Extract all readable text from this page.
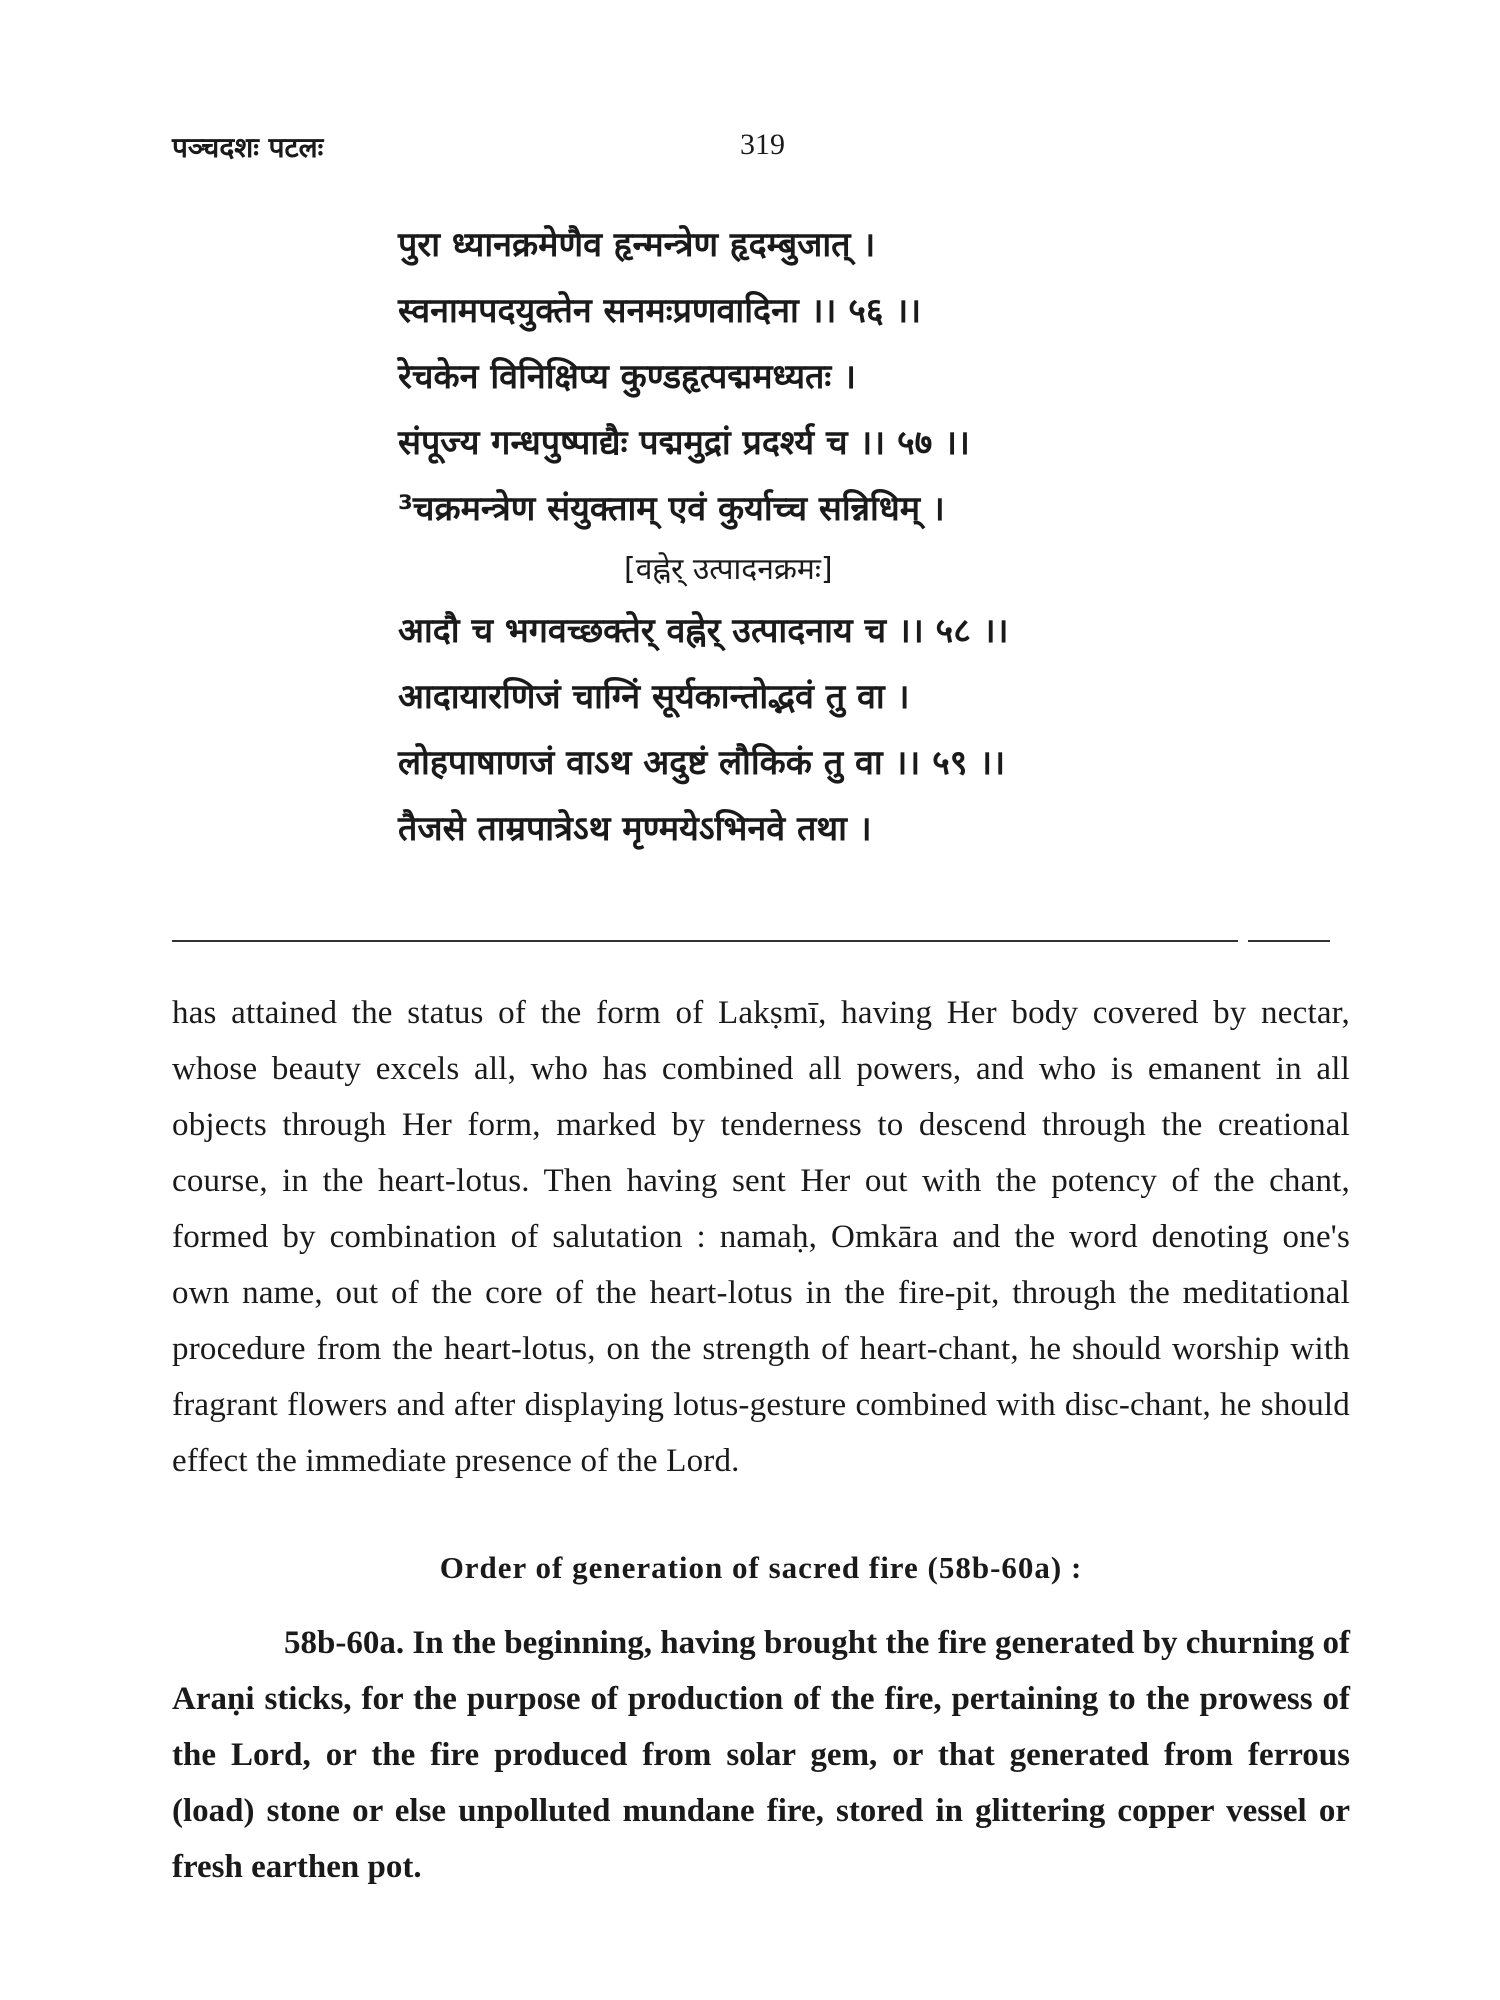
पञ्चदशः पटलः	319
पुरा ध्यानक्रमेणैव हृन्मन्त्रेण हृदम्बुजात् ।
स्वनामपदयुक्तेन सनमःप्रणवादिना ।। ५६ ।।
रेचकेन विनिक्षिप्य कुण्डहृत्पद्ममध्यतः ।
संपूज्य गन्धपुष्पाद्यैः पद्ममुद्रां प्रदर्श्य च ।। ५७ ।।
³चक्रमन्त्रेण संयुक्ताम् एवं कुर्याच्च सन्निधिम् ।
[वह्नेर् उत्पादनक्रमः]
आदौ च भगवच्छक्तेर् वह्नेर् उत्पादनाय च ।। ५८ ।।
आदायारणिजं चाग्निं सूर्यकान्तोद्भवं तु वा ।
लोहपाषाणजं वाऽथ अदुष्टं लौकिकं तु वा ।। ५९ ।।
तैजसे ताम्रपात्रेऽथ मृण्मयेऽभिनवे तथा ।

has attained the status of the form of Lakṣmī, having Her body covered by nectar, whose beauty excels all, who has combined all powers, and who is emanent in all objects through Her form, marked by tenderness to descend through the creational course, in the heart-lotus. Then having sent Her out with the potency of the chant, formed by combination of salutation : namaḥ, Omkāra and the word denoting one's own name, out of the core of the heart-lotus in the fire-pit, through the meditational procedure from the heart-lotus, on the strength of heart-chant, he should worship with fragrant flowers and after displaying lotus-gesture combined with disc-chant, he should effect the immediate presence of the Lord.

Order of generation of sacred fire (58b-60a) :

58b-60a. In the beginning, having brought the fire generated by churning of Araṇi sticks, for the purpose of production of the fire, pertaining to the prowess of the Lord, or the fire produced from solar gem, or that generated from ferrous (load) stone or else unpolluted mundane fire, stored in glittering copper vessel or fresh earthen pot.
